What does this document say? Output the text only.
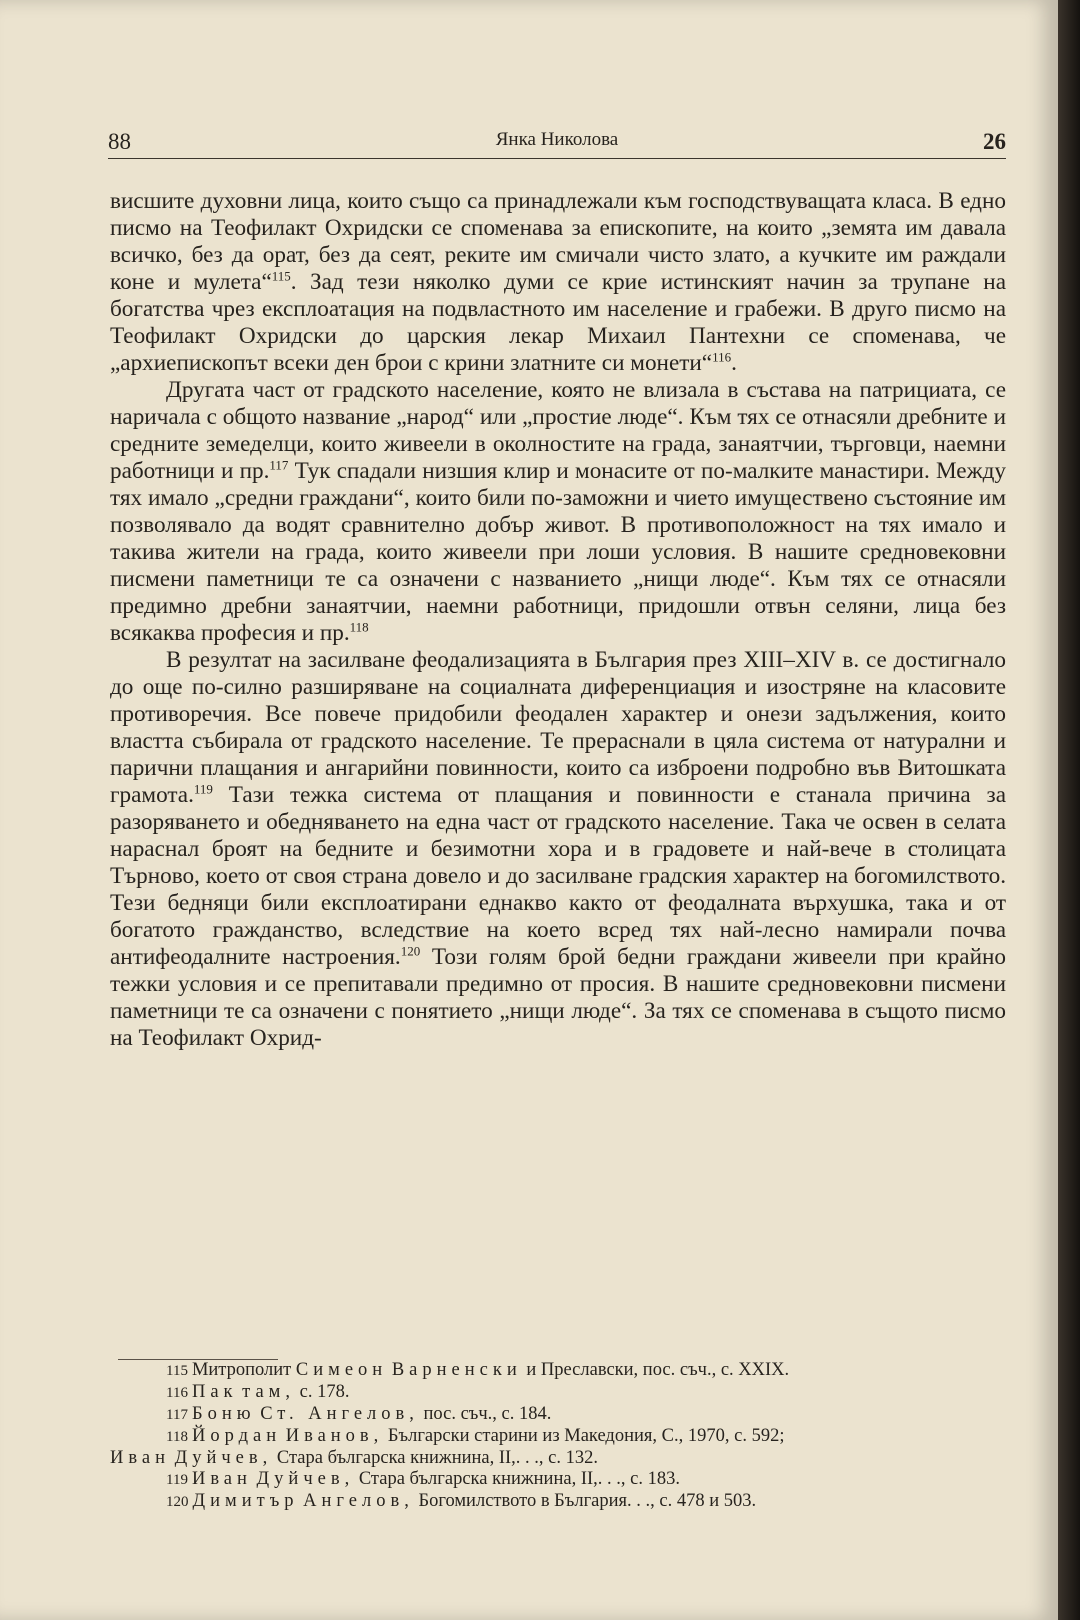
88	Янка Николова	26

висшите духовни лица, които също са принадлежали към господствуващата класа. В едно писмо на Теофилакт Охридски се споменава за епископите, на които „земята им давала всичко, без да орат, без да сеят, реките им смичали чисто злато, а кучките им раждали коне и мулета“$^{115}$. Зад тези няколко думи се крие истинският начин за трупане на богатства чрез експлоатация на подвластното им население и грабежи. В друго писмо на Теофилакт Охридски до царския лекар Михаил Пантехни се споменава, че „архиепископът всеки ден брои с крини златните си монети“$^{116}$.

Другата част от градското население, която не влизала в състава на патрициата, се наричала с общото название „народ“ или „простие люде“. Към тях се отнасяли дребните и средните земеделци, които живеели в околностите на града, занаятчии, търговци, наемни работници и пр.$^{117}$ Тук спадали низшия клир и монасите от по-малките манастири. Между тях имало „средни граждани“, които били по-заможни и чието имуществено състояние им позволявало да водят сравнително добър живот. В противоположност на тях имало и такива жители на града, които живеели при лоши условия. В нашите средновековни писмени паметници те са означени с названието „нищи люде“. Към тях се отнасяли предимно дребни занаятчии, наемни работници, придошли отвън селяни, лица без всякаква професия и пр.$^{118}$

В резултат на засилване феодализацията в България през XIII–XIV в. се достигнало до още по-силно разширяване на социалната диференциация и изостряне на класовите противоречия. Все повече придобили феодален характер и онези задължения, които властта събирала от градското население. Те прераснали в цяла система от натурални и парични плащания и ангарийни повинности, които са изброени подробно във Витошката грамота.$^{119}$ Тази тежка система от плащания и повинности е станала причина за разоряването и обедняването на една част от градското население. Така че освен в селата нараснал броят на бедните и безимотни хора и в градовете и най-вече в столицата Търново, което от своя страна довело и до засилване градския характер на богомилството. Тези бедняци били експлоатирани еднакво както от феодалната върхушка, така и от богатото гражданство, вследствие на което всред тях най-лесно намирали почва антифеодалните настроения.$^{120}$ Този голям брой бедни граждани живеели при крайно тежки условия и се препитавали предимно от просия. В нашите средновековни писмени паметници те са означени с понятието „нищи люде“. За тях се споменава в същото писмо на Теофилакт Охрид-

115 Митрополит Симеон Варненски и Преславски, пос. съч., с. XXIX.

116 Пак там, с. 178.

117 Боню Ст. Ангелов, пос. съч., с. 184.

118 Йордан Иванов, Български старини из Македония, С., 1970, с. 592;

Иван Дуйчев, Стара българска книжнина, II,. . ., с. 132.

119 Иван Дуйчев, Стара българска книжнина, II,. . ., с. 183.

120 Димитър Ангелов, Богомилството в България. . ., с. 478 и 503.
